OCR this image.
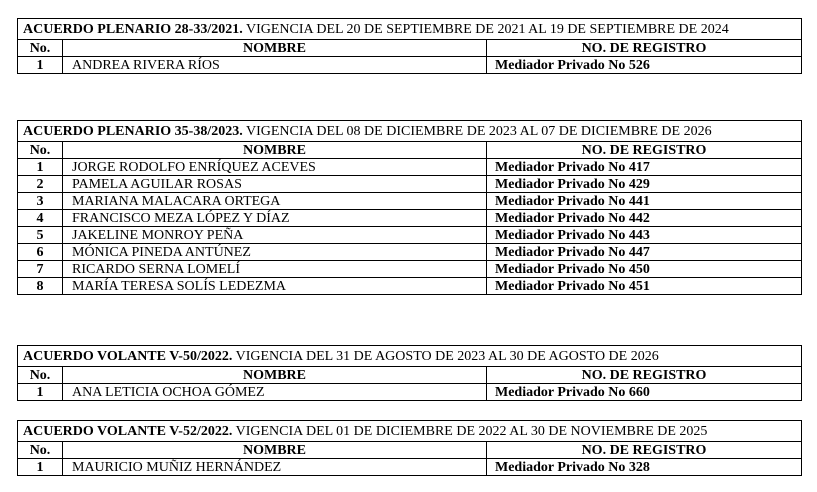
ACUERDO PLENARIO 28-33/2021. VIGENCIA DEL 20 DE SEPTIEMBRE DE 2021 AL 19 DE SEPTIEMBRE DE 2024		
No.	NOMBRE	NO. DE REGISTRO
1	ANDREA RIVERA RÍOS	Mediador Privado No 526
ACUERDO PLENARIO 35-38/2023. VIGENCIA DEL 08 DE DICIEMBRE DE 2023 AL 07 DE DICIEMBRE DE 2026		
No.	NOMBRE	NO. DE REGISTRO
1	JORGE RODOLFO ENRÍQUEZ ACEVES	Mediador Privado No 417
2	PAMELA AGUILAR ROSAS	Mediador Privado No 429
3	MARIANA MALACARA ORTEGA	Mediador Privado No 441
4	FRANCISCO MEZA LÓPEZ Y DÍAZ	Mediador Privado No 442
5	JAKELINE MONROY PEÑA	Mediador Privado No 443
6	MÓNICA PINEDA ANTÚNEZ	Mediador Privado No 447
7	RICARDO SERNA LOMELÍ	Mediador Privado No 450
8	MARÍA TERESA SOLÍS LEDEZMA	Mediador Privado No 451
ACUERDO VOLANTE V-50/2022. VIGENCIA DEL 31 DE AGOSTO DE 2023 AL 30 DE AGOSTO DE 2026		
No.	NOMBRE	NO. DE REGISTRO
1	ANA LETICIA OCHOA GÓMEZ	Mediador Privado No 660
ACUERDO VOLANTE V-52/2022. VIGENCIA DEL 01 DE DICIEMBRE DE 2022 AL 30 DE NOVIEMBRE DE 2025		
No.	NOMBRE	NO. DE REGISTRO
1	MAURICIO MUÑIZ HERNÁNDEZ	Mediador Privado No 328
